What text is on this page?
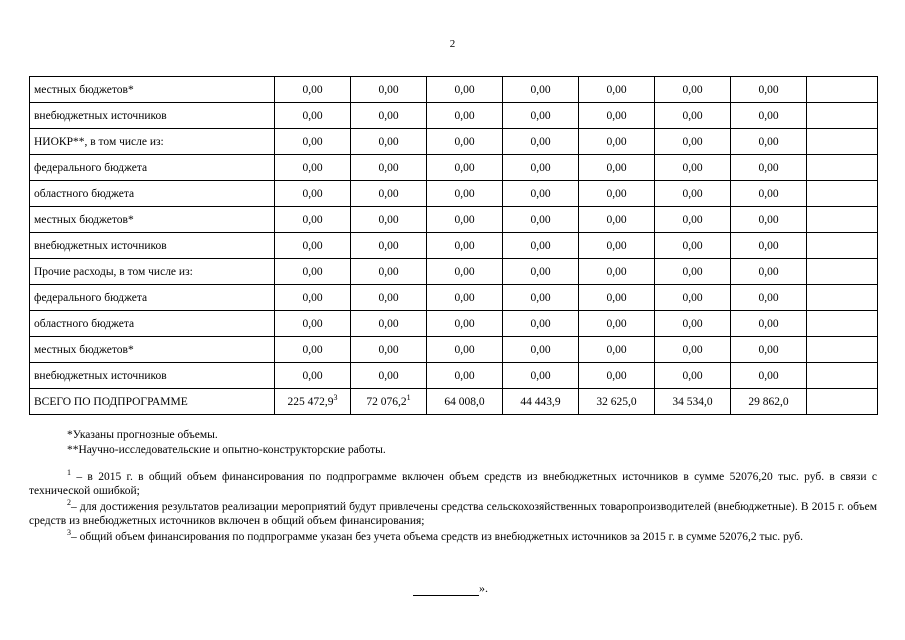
2
местных бюджетов*	0,00	0,00	0,00	0,00	0,00	0,00	0,00	
внебюджетных источников	0,00	0,00	0,00	0,00	0,00	0,00	0,00	
НИОКР**, в том числе из:	0,00	0,00	0,00	0,00	0,00	0,00	0,00	
федерального бюджета	0,00	0,00	0,00	0,00	0,00	0,00	0,00	
областного бюджета	0,00	0,00	0,00	0,00	0,00	0,00	0,00	
местных бюджетов*	0,00	0,00	0,00	0,00	0,00	0,00	0,00	
внебюджетных источников	0,00	0,00	0,00	0,00	0,00	0,00	0,00	
Прочие расходы, в том числе из:	0,00	0,00	0,00	0,00	0,00	0,00	0,00	
федерального бюджета	0,00	0,00	0,00	0,00	0,00	0,00	0,00	
областного бюджета	0,00	0,00	0,00	0,00	0,00	0,00	0,00	
местных бюджетов*	0,00	0,00	0,00	0,00	0,00	0,00	0,00	
внебюджетных источников	0,00	0,00	0,00	0,00	0,00	0,00	0,00	
ВСЕГО ПО ПОДПРОГРАММЕ	225 472,9$^3$	72 076,2$^1$	64 008,0	44 443,9	32 625,0	34 534,0	29 862,0	
*Указаны прогнозные объемы.
**Научно-исследовательские и опытно-конструкторские работы.
$^1$ – в 2015 г. в общий объем финансирования по подпрограмме включен объем средств из внебюджетных источников в сумме 52076,20 тыс. руб. в связи с технической ошибкой;
$^2$– для достижения результатов реализации мероприятий будут привлечены средства сельскохозяйственных товаропроизводителей (внебюджетные). В 2015 г. объем средств из внебюджетных источников включен в общий объем финансирования;
$^3$– общий объем финансирования по подпрограмме указан без учета объема средств из внебюджетных источников за 2015 г. в сумме 52076,2 тыс. руб.
».
